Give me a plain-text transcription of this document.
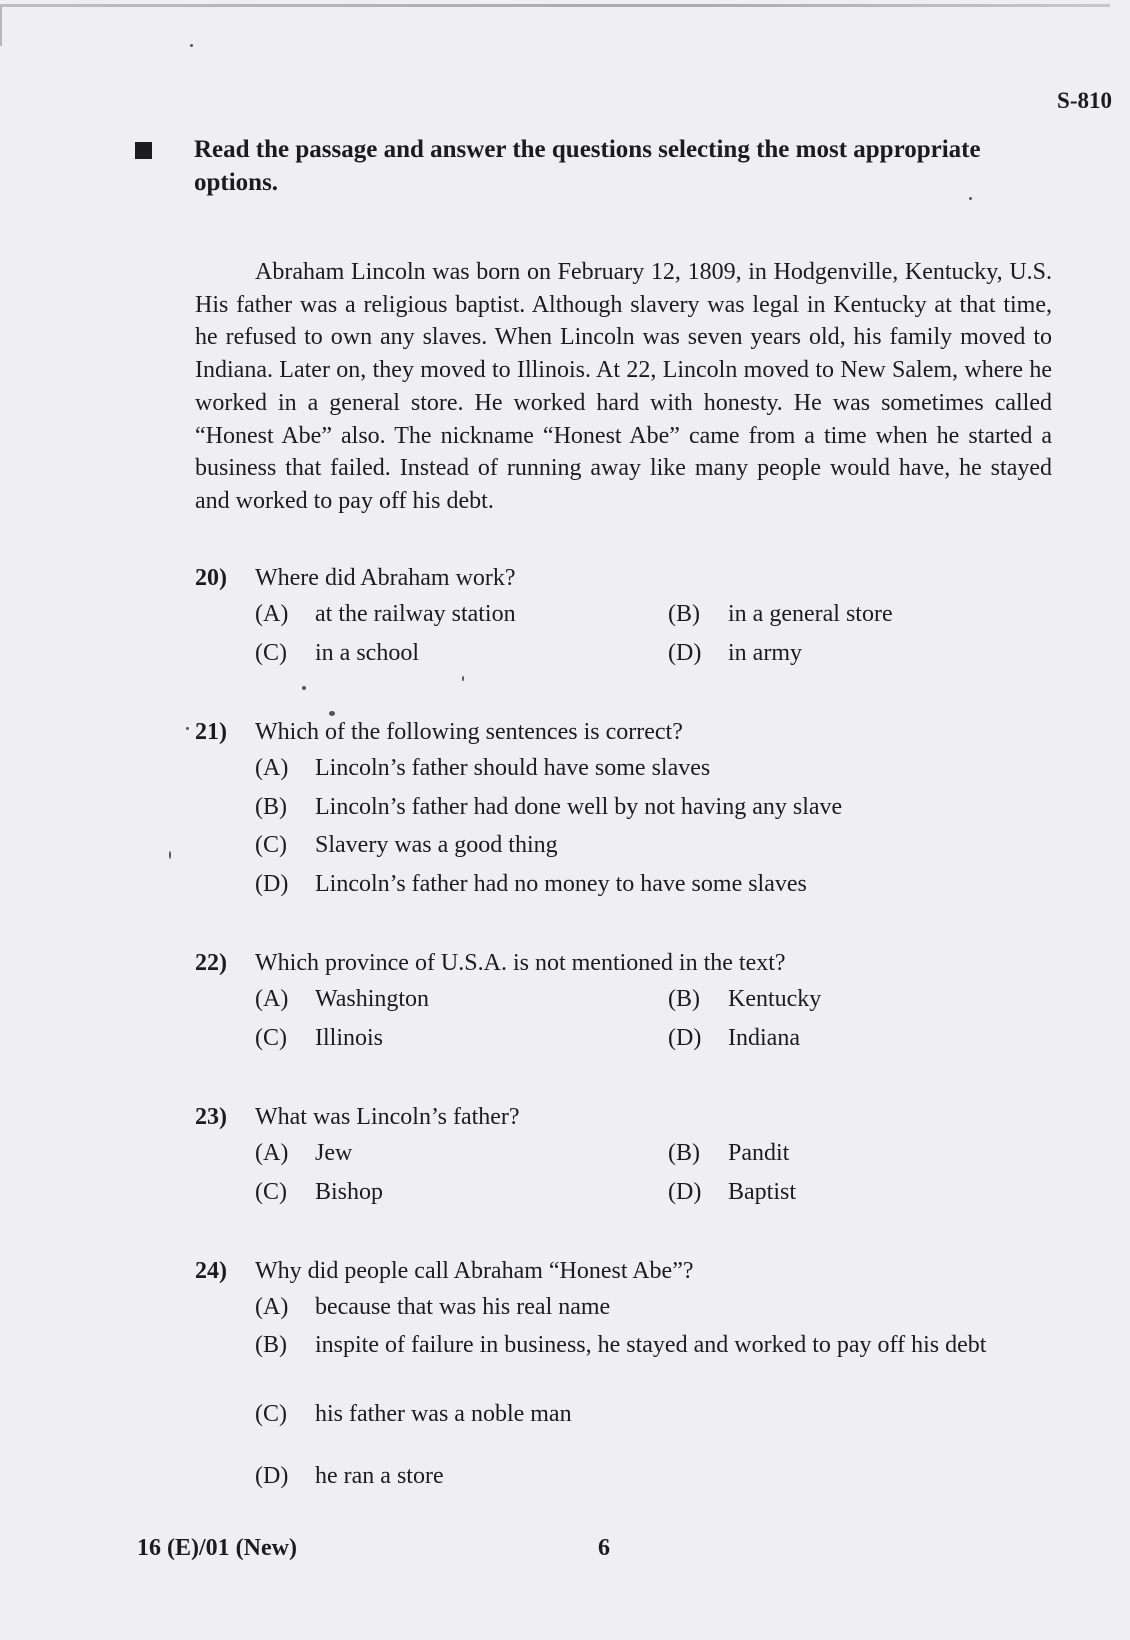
S-810
Read the passage and answer the questions selecting the most appropriate options.
Abraham Lincoln was born on February 12, 1809, in Hodgenville, Kentucky, U.S. His father was a religious baptist. Although slavery was legal in Kentucky at that time, he refused to own any slaves. When Lincoln was seven years old, his family moved to Indiana. Later on, they moved to Illinois. At 22, Lincoln moved to New Salem, where he worked in a general store. He worked hard with honesty. He was sometimes called “Honest Abe” also. The nickname “Honest Abe” came from a time when he started a business that failed. Instead of running away like many people would have, he stayed and worked to pay off his debt.
20) Where did Abraham work?
(A) at the railway station	(B) in a general store
(C) in a school	(D) in army
21) Which of the following sentences is correct?
(A) Lincoln’s father should have some slaves
(B) Lincoln’s father had done well by not having any slave
(C) Slavery was a good thing
(D) Lincoln’s father had no money to have some slaves
22) Which province of U.S.A. is not mentioned in the text?
(A) Washington	(B) Kentucky
(C) Illinois	(D) Indiana
23) What was Lincoln’s father?
(A) Jew	(B) Pandit
(C) Bishop	(D) Baptist
24) Why did people call Abraham “Honest Abe”?
(A) because that was his real name
(B) inspite of failure in business, he stayed and worked to pay off his debt
(C) his father was a noble man
(D) he ran a store
16 (E)/01 (New)	6
